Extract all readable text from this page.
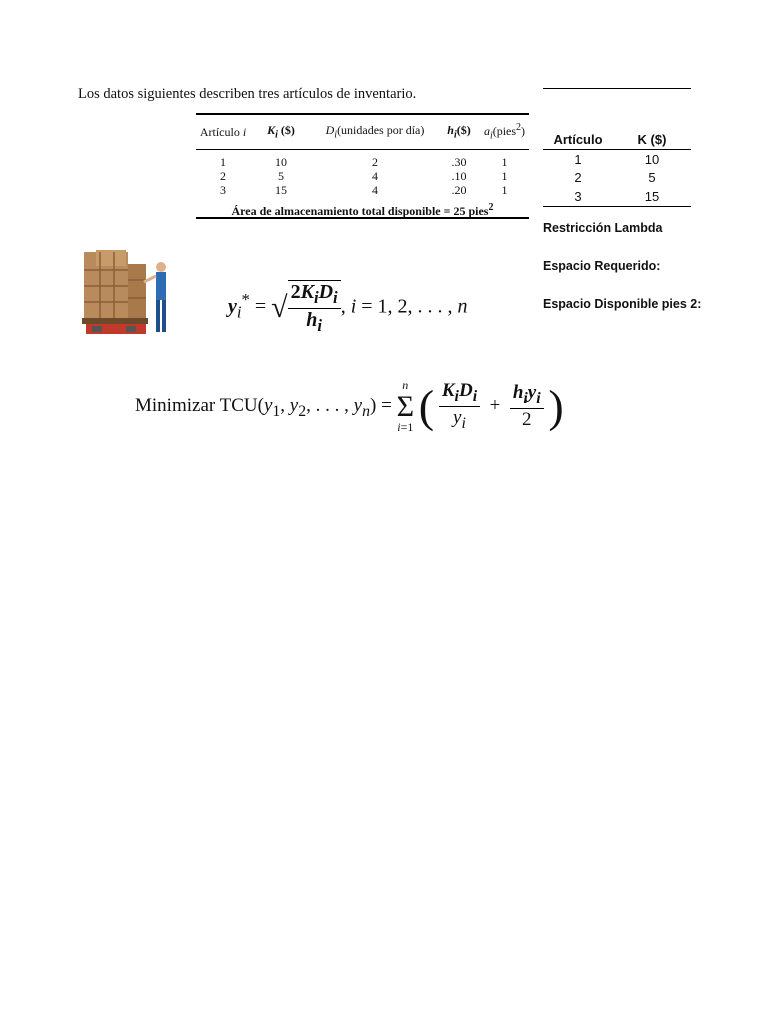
Los datos siguientes describen tres artículos de inventario.
Artículo i	$K_i$ ($)	$D_i(unidades$ por día)	$h_i(\$)$	$a_i(pies^2)$
1	10	2	.30	1
2	5	4	.10	1
3	15	4	.20	1
Área de almacenamiento total disponible = 25 pies$^2$
Artículo	K ($)
1	10
2	5
3	15
Restricción Lambda
Espacio Requerido:
Espacio Disponible pies 2:
$y_i^*$ = √ $\frac{2K_iD_i}{h_i}$ , i = 1, 2, . . . , n
Minimizar $TCU(y_1$, $y_2$, . . . , $y_n$) =
n
Σ
i=1 ( $\frac{K_iD_i}{y_i} + \frac{h_iy_i}{2}$ )
